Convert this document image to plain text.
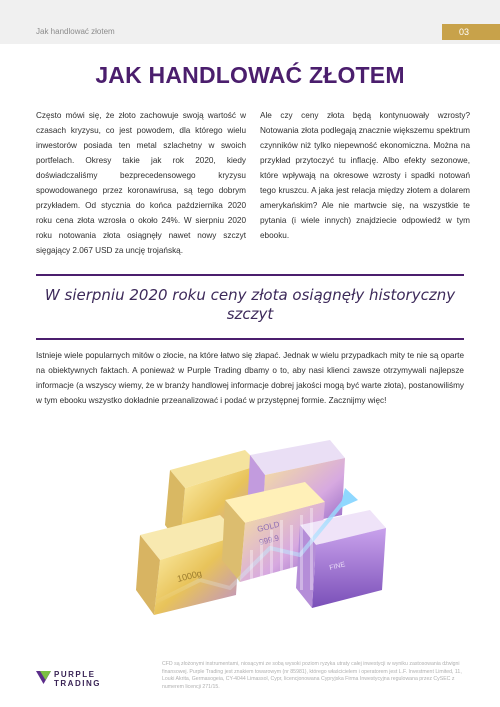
Jak handlować złotem	03
JAK HANDLOWAĆ ZŁOTEM

Często mówi się, że złoto zachowuje swoją wartość w czasach kryzysu, co jest powodem, dla którego wielu inwestorów posiada ten metal szlachetny w swoich portfelach. Okresy takie jak rok 2020, kiedy doświadczaliśmy bezprecedensowego kryzysu spowodowanego przez koronawirusa, są tego dobrym przykładem. Od stycznia do końca października 2020 roku cena złota wzrosła o około 24%. W sierpniu 2020 roku notowania złota osiągnęły nawet nowy szczyt sięgający 2.067 USD za uncję trojańską.

Ale czy ceny złota będą kontynuowały wzrosty? Notowania złota podlegają znacznie większemu spektrum czynników niż tylko niepewność ekonomiczna. Można na przykład przytoczyć tu inflację. Albo efekty sezonowe, które wpływają na okresowe wzrosty i spadki notowań tego kruszcu. A jaka jest relacja między złotem a dolarem amerykańskim? Ale nie martwcie się, na wszystkie te pytania (i wiele innych) znajdziecie odpowiedź w tym ebooku.

W sierpniu 2020 roku ceny złota osiągnęły historyczny szczyt

Istnieje wiele popularnych mitów o złocie, na które łatwo się złapać. Jednak w wielu przypadkach mity te nie są oparte na obiektywnych faktach. A ponieważ w Purple Trading dbamy o to, aby nasi klienci zawsze otrzymywali najlepsze informacje (a wszyscy wiemy, że w branży handlowej informacje dobrej jakości mogą być warte złota), postanowiliśmy w tym ebooku wszystko dokładnie przeanalizować i podać w przystępnej formie. Zacznijmy więc!

1000g
999.9
GOLD
FINE
PURPLE
TRADING

CFD są złożonymi instrumentami, niosącymi ze sobą wysoki poziom ryzyka utraty całej inwestycji w wyniku zastosowania dźwigni finansowej. Purple Trading jest znakiem towarowym (nr 85981), którego właścicielem i operatorem jest L.F. Investment Limited, 11, Louki Akrita, Germasogeia, CY-4044 Limassol, Cypr, licencjonowana Cypryjska Firma Inwestycyjna regulowana przez CySEC z numerem licencji 271/15.
